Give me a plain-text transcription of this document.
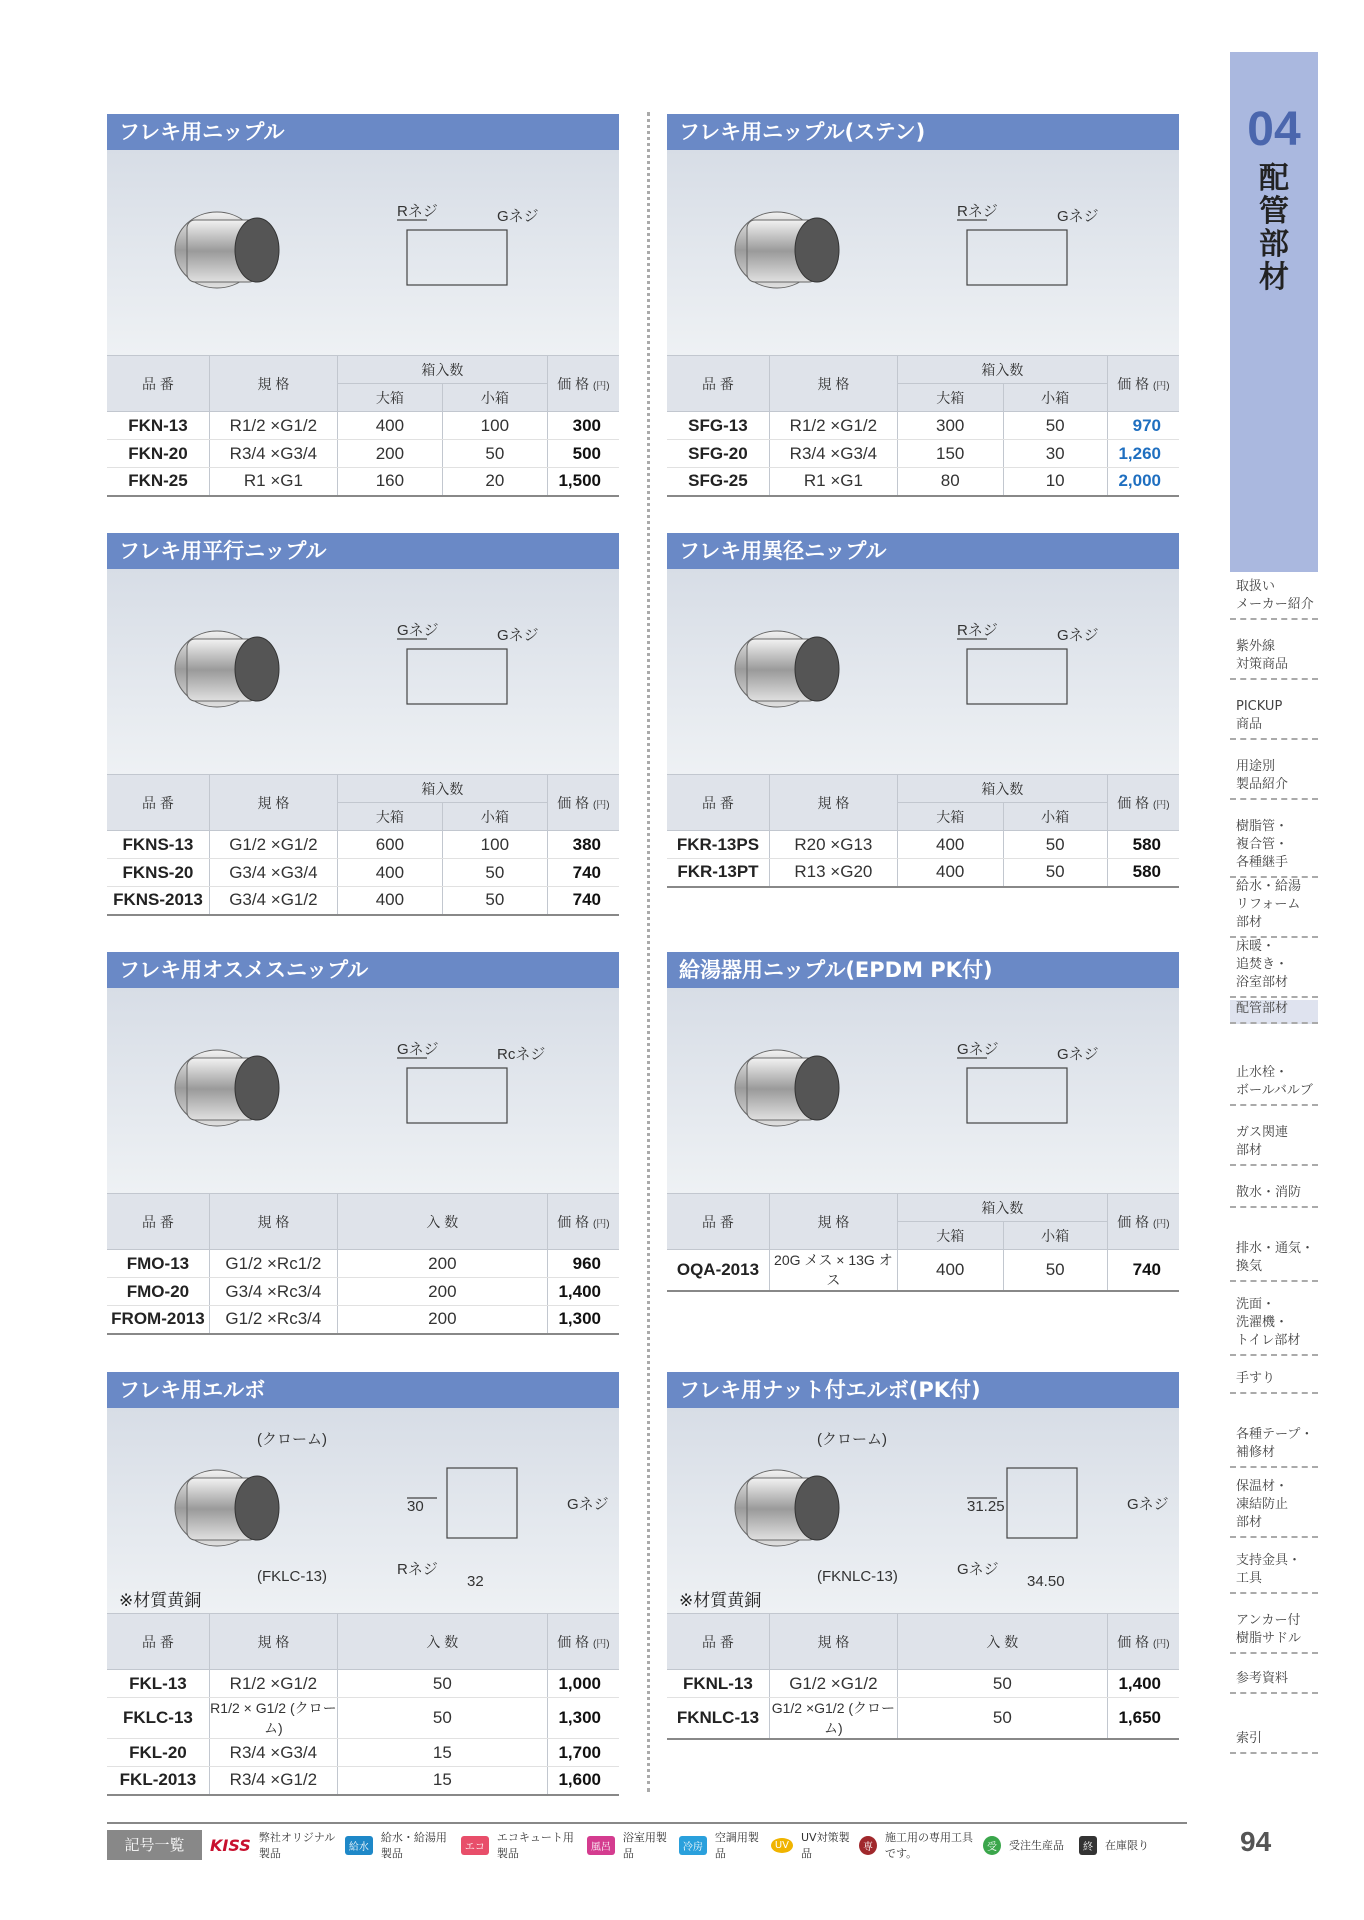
フレキ用ニップル
Rネジ	Gネジ
品 番	規 格	箱入数		価 格 (円)
		大箱	小箱	
FKN-13	R1/2 ×G1/2	400	100	300
FKN-20	R3/4 ×G3/4	200	50	500
FKN-25	R1 ×G1	160	20	1,500
フレキ用ニップル(ステン)
Rネジ	Gネジ
品 番	規 格	箱入数		価 格 (円)
		大箱	小箱	
SFG-13	R1/2 ×G1/2	300	50	970
SFG-20	R3/4 ×G3/4	150	30	1,260
SFG-25	R1 ×G1	80	10	2,000
フレキ用平行ニップル
Gネジ	Gネジ
品 番	規 格	箱入数		価 格 (円)
		大箱	小箱	
FKNS-13	G1/2 ×G1/2	600	100	380
FKNS-20	G3/4 ×G3/4	400	50	740
FKNS-2013	G3/4 ×G1/2	400	50	740
フレキ用異径ニップル
Rネジ	Gネジ
品 番	規 格	箱入数		価 格 (円)
		大箱	小箱	
FKR-13PS	R20 ×G13	400	50	580
FKR-13PT	R13 ×G20	400	50	580
フレキ用オスメスニップル
Gネジ	Rcネジ
品 番	規 格	入 数	価 格 (円)
FMO-13	G1/2 ×Rc1/2	200	960
FMO-20	G3/4 ×Rc3/4	200	1,400
FROM-2013	G1/2 ×Rc3/4	200	1,300
給湯器用ニップル(EPDM PK付)
Gネジ	Gネジ
品 番	規 格	箱入数		価 格 (円)
		大箱	小箱	
OQA-2013	20G メス × 13G オス	400	50	740
フレキ用エルボ
(クローム)
(FKLC-13)	Rネジ
Gネジ
30
32
※材質黄銅
品 番	規 格	入 数	価 格 (円)
FKL-13	R1/2 ×G1/2	50	1,000
FKLC-13	R1/2 × G1/2 (クローム)	50	1,300
FKL-20	R3/4 ×G3/4	15	1,700
FKL-2013	R3/4 ×G1/2	15	1,600
フレキ用ナット付エルボ(PK付)
(クローム)
(FKNLC-13)	Gネジ
Gネジ
31.25
34.50
※材質黄銅
品 番	規 格	入 数	価 格 (円)
FKNL-13	G1/2 ×G1/2	50	1,400
FKNLC-13	G1/2 ×G1/2 (クローム)	50	1,650
04
配管部材
取扱い
メーカー紹介
紫外線
対策商品
PICKUP
商品
用途別
製品紹介
樹脂管・
複合管・
各種継手
給水・給湯
リフォーム
部材
床暖・
追焚き・
浴室部材
配管部材
止水栓・
ボールバルブ
ガス関連
部材
散水・消防
排水・通気・
換気
洗面・
洗濯機・
トイレ部材
手すり
各種テープ・
補修材
保温材・
凍結防止
部材
支持金具・
工具
アンカー付
樹脂サドル
参考資料
索引
記号一覧	KISS 弊社オリジナル製品	給水
給水・給湯用製品	エコ
エコキュート用製品	風呂
浴室用製品	冷房
空調用製品
UV
UV対策製品	専
施工用の専用工具です。	受	受注生産品	終	在庫限り	94
